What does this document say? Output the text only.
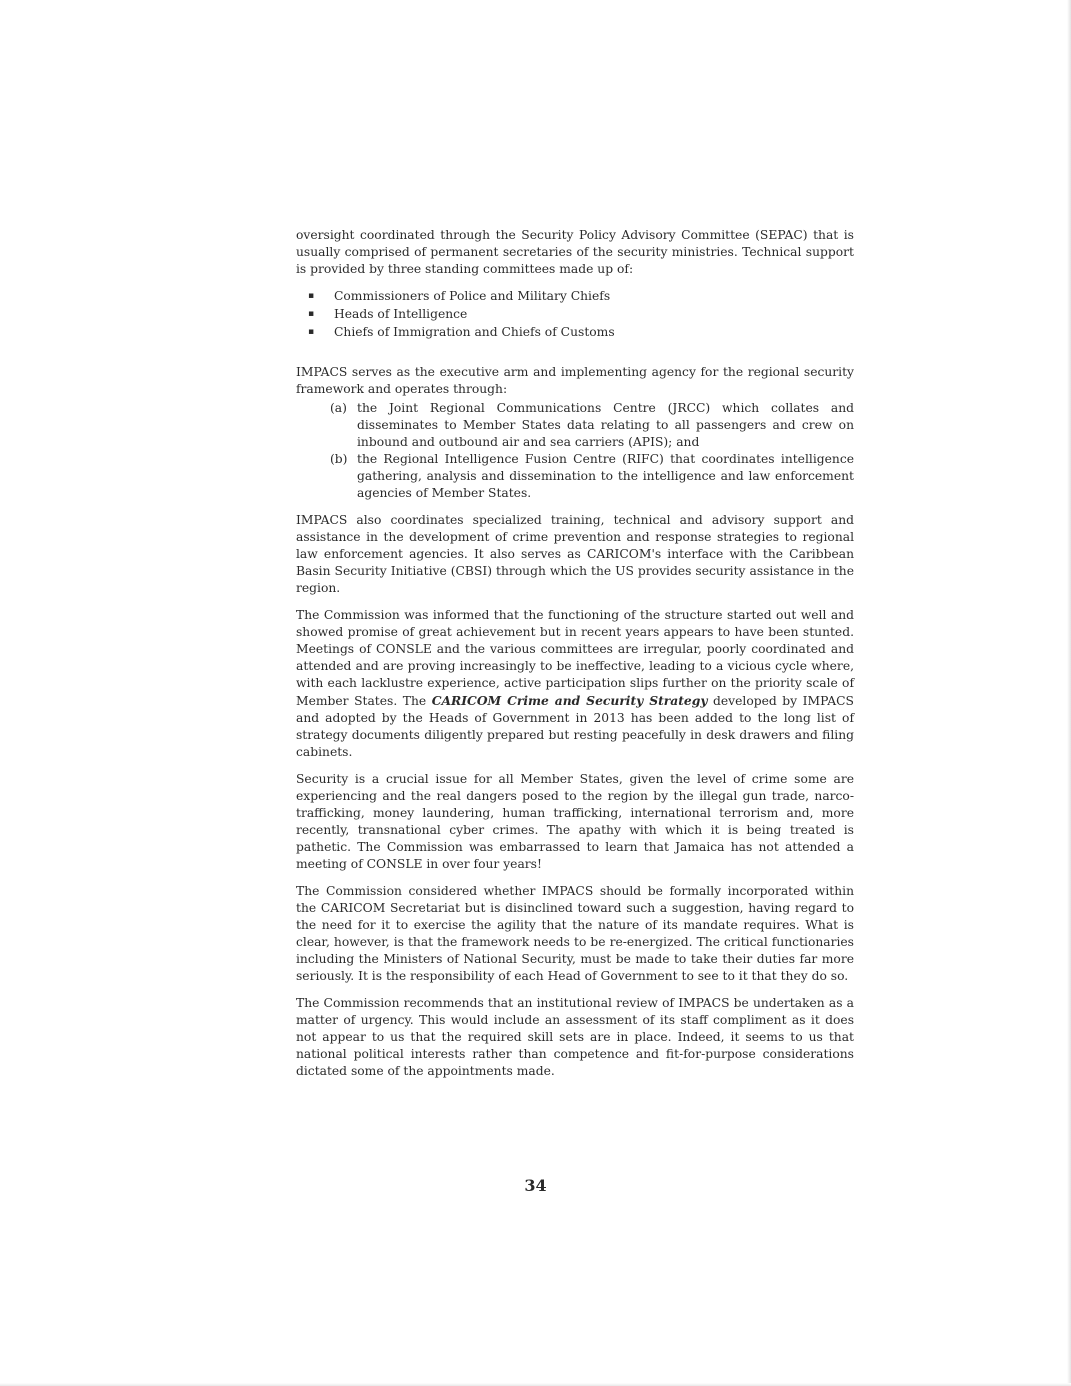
oversight coordinated through the Security Policy Advisory Committee (SEPAC) that is usually comprised of permanent secretaries of the security ministries. Technical support is provided by three standing committees made up of:

▪ Commissioners of Police and Military Chiefs
▪ Heads of Intelligence
▪ Chiefs of Immigration and Chiefs of Customs

IMPACS serves as the executive arm and implementing agency for the regional security framework and operates through:

(a) the Joint Regional Communications Centre (JRCC) which collates and disseminates to Member States data relating to all passengers and crew on inbound and outbound air and sea carriers (APIS); and
(b) the Regional Intelligence Fusion Centre (RIFC) that coordinates intelligence gathering, analysis and dissemination to the intelligence and law enforcement agencies of Member States.

IMPACS also coordinates specialized training, technical and advisory support and assistance in the development of crime prevention and response strategies to regional law enforcement agencies. It also serves as CARICOM's interface with the Caribbean Basin Security Initiative (CBSI) through which the US provides security assistance in the region.

The Commission was informed that the functioning of the structure started out well and showed promise of great achievement but in recent years appears to have been stunted. Meetings of CONSLE and the various committees are irregular, poorly coordinated and attended and are proving increasingly to be ineffective, leading to a vicious cycle where, with each lacklustre experience, active participation slips further on the priority scale of Member States. The CARICOM Crime and Security Strategy developed by IMPACS and adopted by the Heads of Government in 2013 has been added to the long list of strategy documents diligently prepared but resting peacefully in desk drawers and filing cabinets.

Security is a crucial issue for all Member States, given the level of crime some are experiencing and the real dangers posed to the region by the illegal gun trade, narco-trafficking, money laundering, human trafficking, international terrorism and, more recently, transnational cyber crimes. The apathy with which it is being treated is pathetic. The Commission was embarrassed to learn that Jamaica has not attended a meeting of CONSLE in over four years!

The Commission considered whether IMPACS should be formally incorporated within the CARICOM Secretariat but is disinclined toward such a suggestion, having regard to the need for it to exercise the agility that the nature of its mandate requires. What is clear, however, is that the framework needs to be re-energized. The critical functionaries including the Ministers of National Security, must be made to take their duties far more seriously. It is the responsibility of each Head of Government to see to it that they do so.

The Commission recommends that an institutional review of IMPACS be undertaken as a matter of urgency. This would include an assessment of its staff compliment as it does not appear to us that the required skill sets are in place. Indeed, it seems to us that national political interests rather than competence and fit-for-purpose considerations dictated some of the appointments made.

34
